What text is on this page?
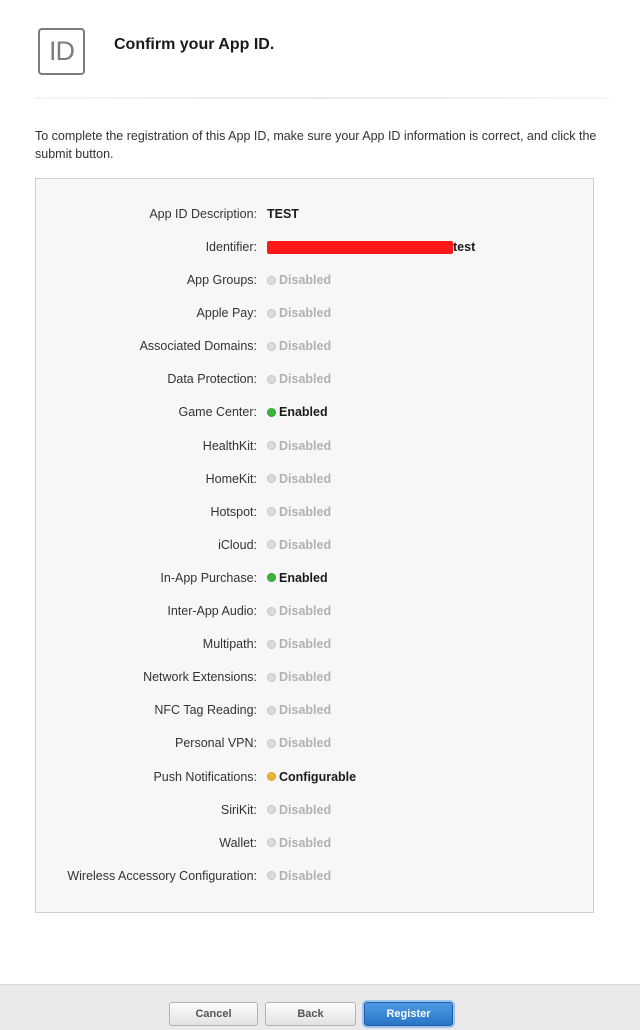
ID	Confirm your App ID.
To complete the registration of this App ID, make sure your App ID information is correct, and click the submit button.
App ID Description: TEST
Identifier:	test
App Groups: Disabled
Apple Pay: Disabled
Associated Domains: Disabled
Data Protection: Disabled
Game Center: Enabled
HealthKit: Disabled
HomeKit: Disabled
Hotspot: Disabled
iCloud: Disabled
In-App Purchase: Enabled
Inter-App Audio: Disabled
Multipath: Disabled
Network Extensions: Disabled
NFC Tag Reading: Disabled
Personal VPN: Disabled
Push Notifications: Configurable
SiriKit: Disabled
Wallet: Disabled
Wireless Accessory Configuration: Disabled
Cancel	Back	Register
